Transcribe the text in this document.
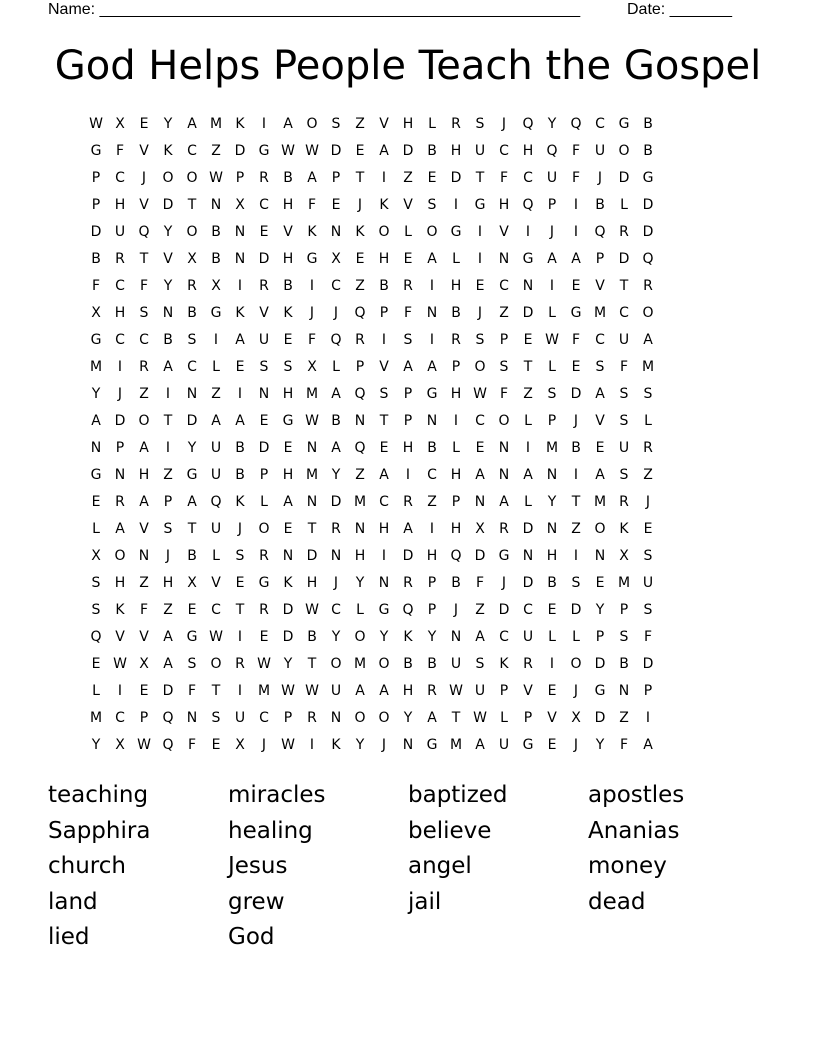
Name: ______________________________________________________	Date: _______
God Helps People Teach the Gospel
W X	E	Y	A M K	I	A O	S	Z	V H	L	R	S	J	Q	Y	Q C G B
G	F	V	K	C	Z D G W W D	E	A D B H U C H Q	F	U O B
P	C	J	O O W P	R	B	A	P	T	I	Z	E	D	T	F	C U	F	J	D G
P	H V D	T	N X	C H	F	E	J	K	V	S	I	G H Q	P	I	B	L	D
D U Q	Y	O B N	E	V	K	N	K O	L	O G	I	V	I	J	I	Q R D
B	R	T	V	X	B N D H G X	E	H	E	A	L	I	N G A	A	P	D Q
F	C	F	Y	R	X	I	R	B	I	C	Z	B	R	I	H	E	C N	I	E	V	T	R
X H	S	N B G K	V	K	J	J	Q	P	F	N B	J	Z D	L	G M C O
G C	C	B	S	I	A	U	E	F	Q R	I	S	I	R	S	P	E W F	C U	A
M	I	R	A	C	L	E	S	S	X	L	P	V	A	A	P	O	S	T	L	E	S	F M
Y	J	Z	I	N Z	I	N H M A Q	S	P	G H W F	Z	S	D A	S	S
A D O	T	D A	A	E	G W B N	T	P	N	I	C O	L	P	J	V	S	L
N	P	A	I	Y	U	B D	E	N A Q	E	H B	L	E	N	I	M B	E	U	R
G N H Z G U	B	P	H M Y	Z	A	I	C H A N A N	I	A	S	Z
E	R	A	P	A Q K	L	A N D M C	R	Z	P	N A	L	Y	T M R	J
L	A	V	S	T	U	J	O	E	T	R N H A	I	H X	R D N Z O K	E
X O N	J	B	L	S	R N D N H	I	D H Q D G N H	I	N X	S
S	H Z H X	V	E	G K	H	J	Y	N R	P	B	F	J	D B	S	E M U
S	K	F	Z	E	C	T	R D W C	L	G Q	P	J	Z D C	E	D	Y	P	S
Q V	V	A G W	I	E	D B	Y	O	Y	K	Y	N A	C U	L	L	P	S	F
E W X	A	S	O R W Y	T	O M O B	B	U	S	K	R	I	O D B D
L	I	E	D	F	T	I	M W W U	A	A H R W U	P	V	E	J	G N	P
M C	P	Q N	S	U C	P	R N O O	Y	A	T W L	P	V	X D Z	I
Y	X W Q	F	E	X	J	W	I	K	Y	J	N G M A	U G	E	J	Y	F	A
teaching	miracles	baptized	apostles
Sapphira	healing	believe	Ananias
church	Jesus	angel	money
land	grew	jail	dead
lied	God
